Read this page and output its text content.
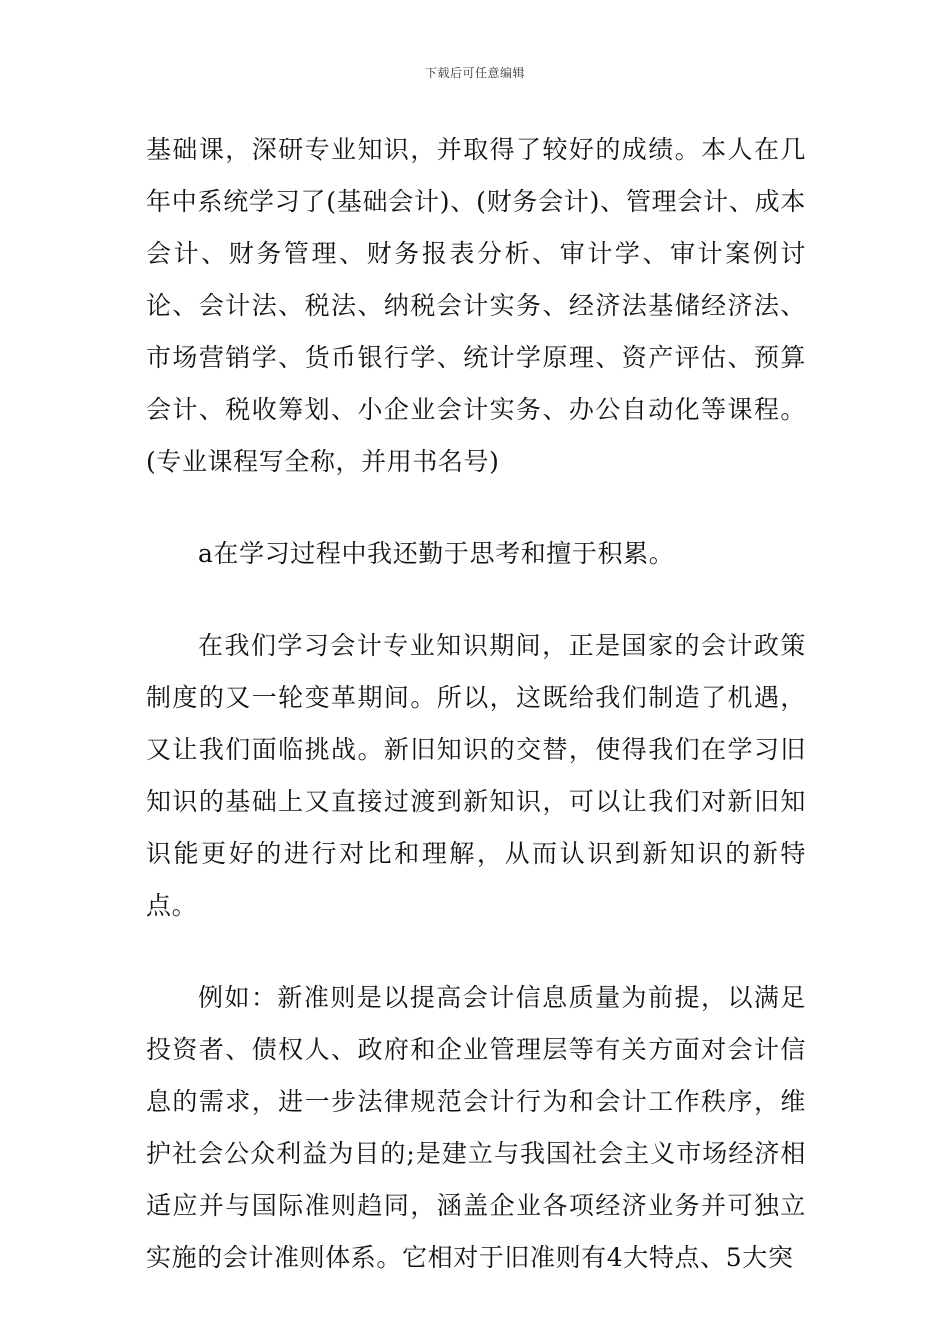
下载后可任意编辑

基础课，深研专业知识，并取得了较好的成绩。本人在几年中系统学习了(基础会计)、(财务会计)、管理会计、成本会计、财务管理、财务报表分析、审计学、审计案例讨论、会计法、税法、纳税会计实务、经济法基储经济法、市场营销学、货币银行学、统计学原理、资产评估、预算会计、税收筹划、小企业会计实务、办公自动化等课程。(专业课程写全称，并用书名号)

a在学习过程中我还勤于思考和擅于积累。

在我们学习会计专业知识期间，正是国家的会计政策制度的又一轮变革期间。所以，这既给我们制造了机遇，又让我们面临挑战。新旧知识的交替，使得我们在学习旧知识的基础上又直接过渡到新知识，可以让我们对新旧知识能更好的进行对比和理解，从而认识到新知识的新特点。

例如：新准则是以提高会计信息质量为前提，以满足投资者、债权人、政府和企业管理层等有关方面对会计信息的需求，进一步法律规范会计行为和会计工作秩序，维护社会公众利益为目的;是建立与我国社会主义市场经济相适应并与国际准则趋同，涵盖企业各项经济业务并可独立实施的会计准则体系。它相对于旧准则有4大特点、5大突
